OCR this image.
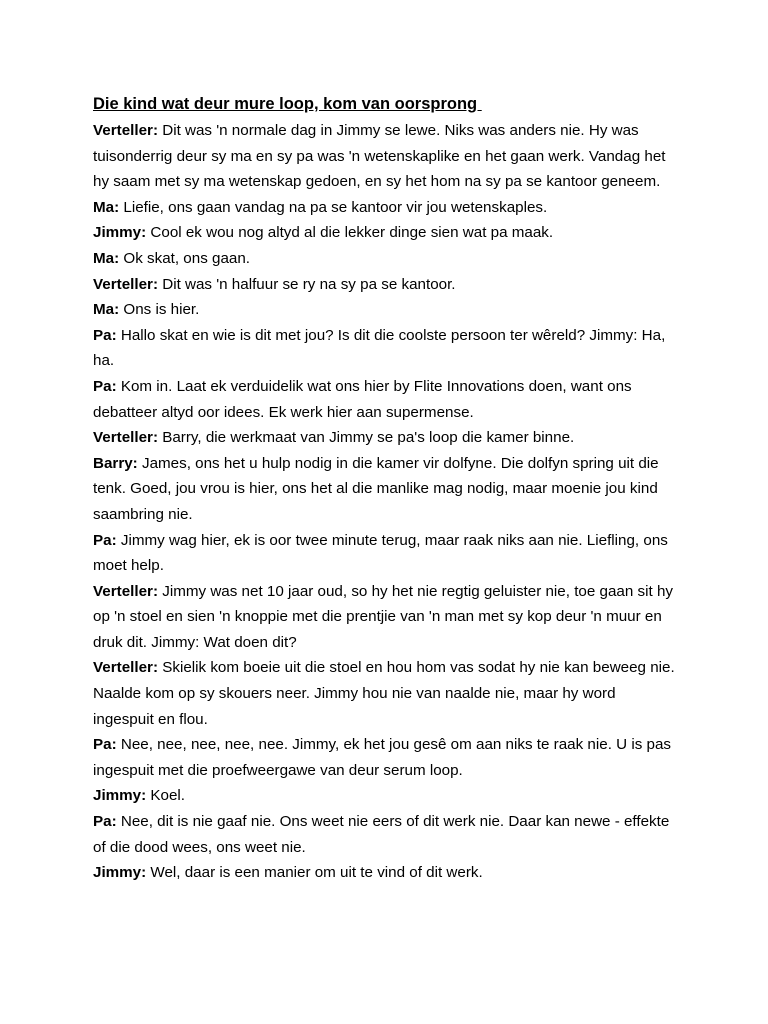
Die kind wat deur mure loop, kom van oorsprong

Verteller: Dit was 'n normale dag in Jimmy se lewe. Niks was anders nie. Hy was tuisonderrig deur sy ma en sy pa was 'n wetenskaplike en het gaan werk. Vandag het hy saam met sy ma wetenskap gedoen, en sy het hom na sy pa se kantoor geneem.

Ma: Liefie, ons gaan vandag na pa se kantoor vir jou wetenskaples.

Jimmy: Cool ek wou nog altyd al die lekker dinge sien wat pa maak.

Ma: Ok skat, ons gaan.

Verteller: Dit was 'n halfuur se ry na sy pa se kantoor.

Ma: Ons is hier.

Pa: Hallo skat en wie is dit met jou? Is dit die coolste persoon ter wêreld? Jimmy: Ha, ha.

Pa: Kom in. Laat ek verduidelik wat ons hier by Flite Innovations doen, want ons debatteer altyd oor idees. Ek werk hier aan supermense.

Verteller: Barry, die werkmaat van Jimmy se pa's loop die kamer binne.

Barry: James, ons het u hulp nodig in die kamer vir dolfyne. Die dolfyn spring uit die tenk. Goed, jou vrou is hier, ons het al die manlike mag nodig, maar moenie jou kind saambring nie.

Pa: Jimmy wag hier, ek is oor twee minute terug, maar raak niks aan nie. Liefling, ons moet help.

Verteller: Jimmy was net 10 jaar oud, so hy het nie regtig geluister nie, toe gaan sit hy op 'n stoel en sien 'n knoppie met die prentjie van 'n man met sy kop deur 'n muur en druk dit. Jimmy: Wat doen dit?

Verteller: Skielik kom boeie uit die stoel en hou hom vas sodat hy nie kan beweeg nie. Naalde kom op sy skouers neer. Jimmy hou nie van naalde nie, maar hy word ingespuit en flou.

Pa: Nee, nee, nee, nee, nee. Jimmy, ek het jou gesê om aan niks te raak nie. U is pas ingespuit met die proefweergawe van deur serum loop.

Jimmy: Koel.

Pa: Nee, dit is nie gaaf nie. Ons weet nie eers of dit werk nie. Daar kan newe - effekte of die dood wees, ons weet nie.

Jimmy: Wel, daar is een manier om uit te vind of dit werk.
